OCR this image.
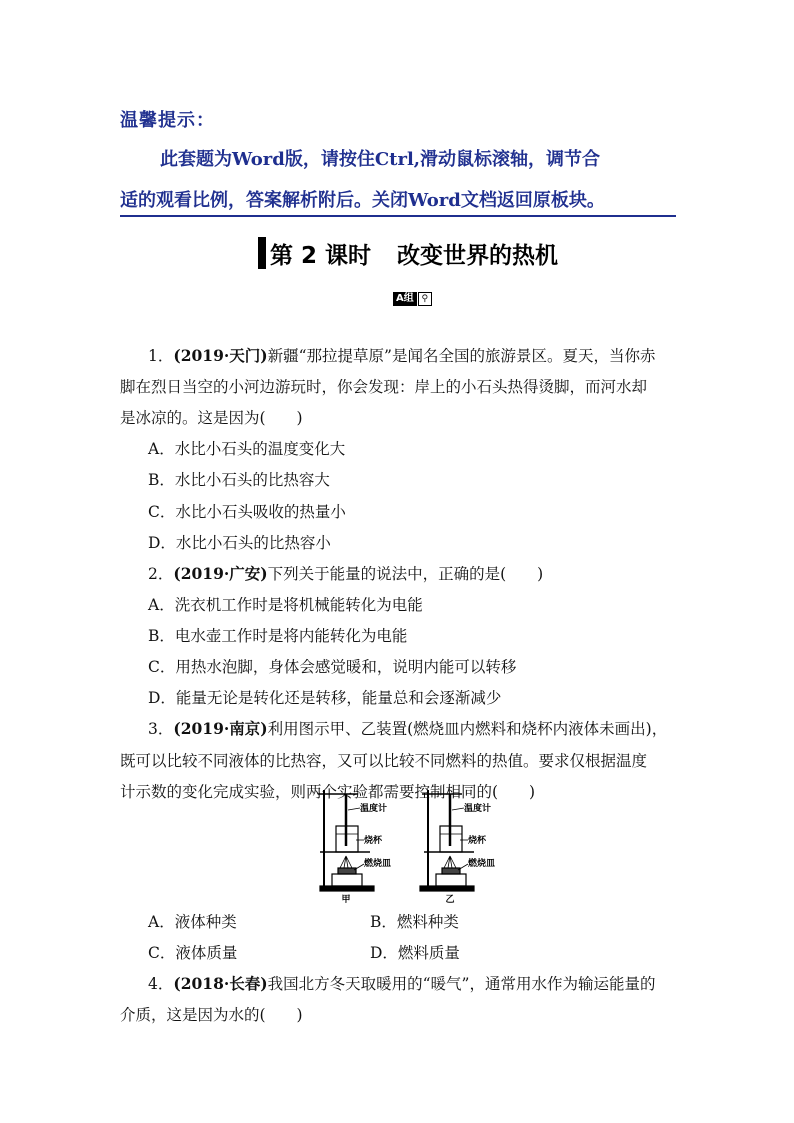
温馨提示：
此套题为Word版，请按住Ctrl,滑动鼠标滚轴，调节合
适的观看比例，答案解析附后。关闭Word文档返回原板块。
第 2 课时 改变世界的热机
A组 ⚲
1．(2019·天门)新疆“那拉提草原”是闻名全国的旅游景区。夏天，当你赤
脚在烈日当空的小河边游玩时，你会发现：岸上的小石头热得烫脚，而河水却
是冰凉的。这是因为(　　)
A．水比小石头的温度变化大
B．水比小石头的比热容大
C．水比小石头吸收的热量小
D．水比小石头的比热容小
2．(2019·广安)下列关于能量的说法中，正确的是(　　)
A．洗衣机工作时是将机械能转化为电能
B．电水壶工作时是将内能转化为电能
C．用热水泡脚，身体会感觉暖和，说明内能可以转移
D．能量无论是转化还是转移，能量总和会逐渐减少
3．(2019·南京)利用图示甲、乙装置(燃烧皿内燃料和烧杯内液体未画出)，
既可以比较不同液体的比热容，又可以比较不同燃料的热值。要求仅根据温度
计示数的变化完成实验，则两个实验都需要控制相同的(　　)
温度计
烧杯
燃烧皿
甲
温度计
烧杯
燃烧皿
乙
A．液体种类	B．燃料种类
C．液体质量	D．燃料质量
4．(2018·长春)我国北方冬天取暖用的“暖气”，通常用水作为输运能量的
介质，这是因为水的(　　)
